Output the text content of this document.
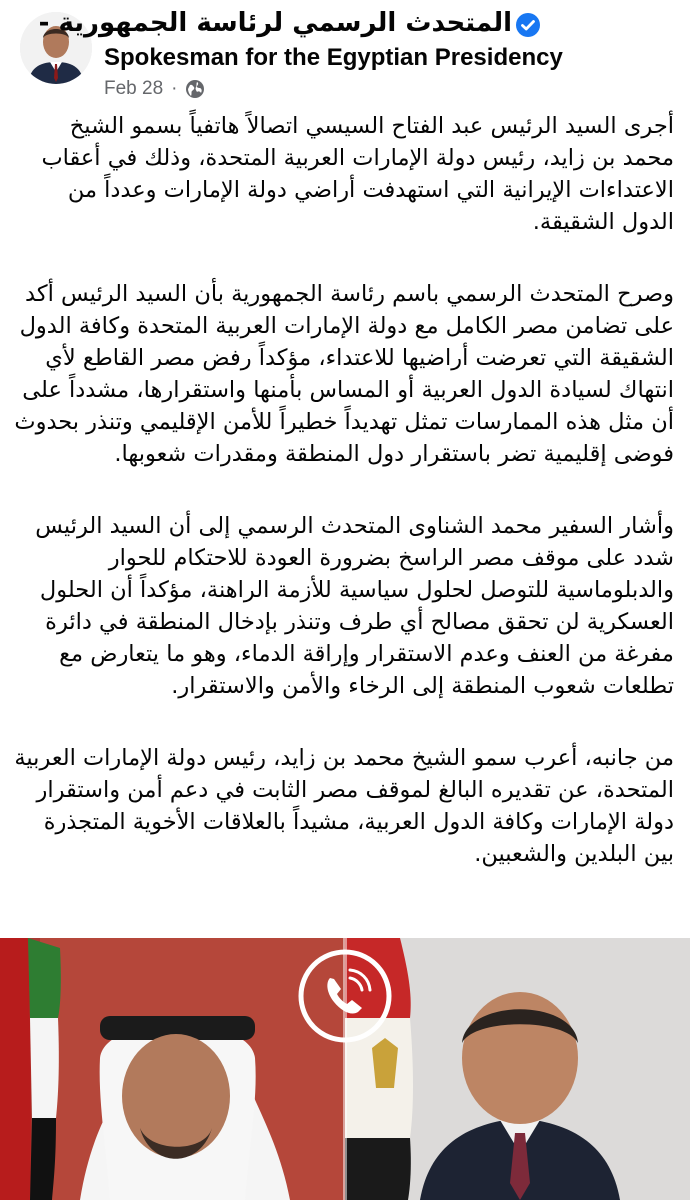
المتحدث الرسمي لرئاسة الجمهورية -
Spokesman for the Egyptian Presidency
Feb 28 ·

أجرى السيد الرئيس عبد الفتاح السيسي اتصالاً هاتفياً بسمو الشيخ محمد بن زايد، رئيس دولة الإمارات العربية المتحدة، وذلك في أعقاب الاعتداءات الإيرانية التي استهدفت أراضي دولة الإمارات وعدداً من الدول الشقيقة.

وصرح المتحدث الرسمي باسم رئاسة الجمهورية بأن السيد الرئيس أكد على تضامن مصر الكامل مع دولة الإمارات العربية المتحدة وكافة الدول الشقيقة التي تعرضت أراضيها للاعتداء، مؤكداً رفض مصر القاطع لأي انتهاك لسيادة الدول العربية أو المساس بأمنها واستقرارها، مشدداً على أن مثل هذه الممارسات تمثل تهديداً خطيراً للأمن الإقليمي وتنذر بحدوث فوضى إقليمية تضر باستقرار دول المنطقة ومقدرات شعوبها.

وأشار السفير محمد الشناوى المتحدث الرسمي إلى أن السيد الرئيس شدد على موقف مصر الراسخ بضرورة العودة للاحتكام للحوار والدبلوماسية للتوصل لحلول سياسية للأزمة الراهنة، مؤكداً أن الحلول العسكرية لن تحقق مصالح أي طرف وتنذر بإدخال المنطقة في دائرة مفرغة من العنف وعدم الاستقرار وإراقة الدماء، وهو ما يتعارض مع تطلعات شعوب المنطقة إلى الرخاء والأمن والاستقرار.

من جانبه، أعرب سمو الشيخ محمد بن زايد، رئيس دولة الإمارات العربية المتحدة، عن تقديره البالغ لموقف مصر الثابت في دعم أمن واستقرار دولة الإمارات وكافة الدول العربية، مشيداً بالعلاقات الأخوية المتجذرة بين البلدين والشعبين.
